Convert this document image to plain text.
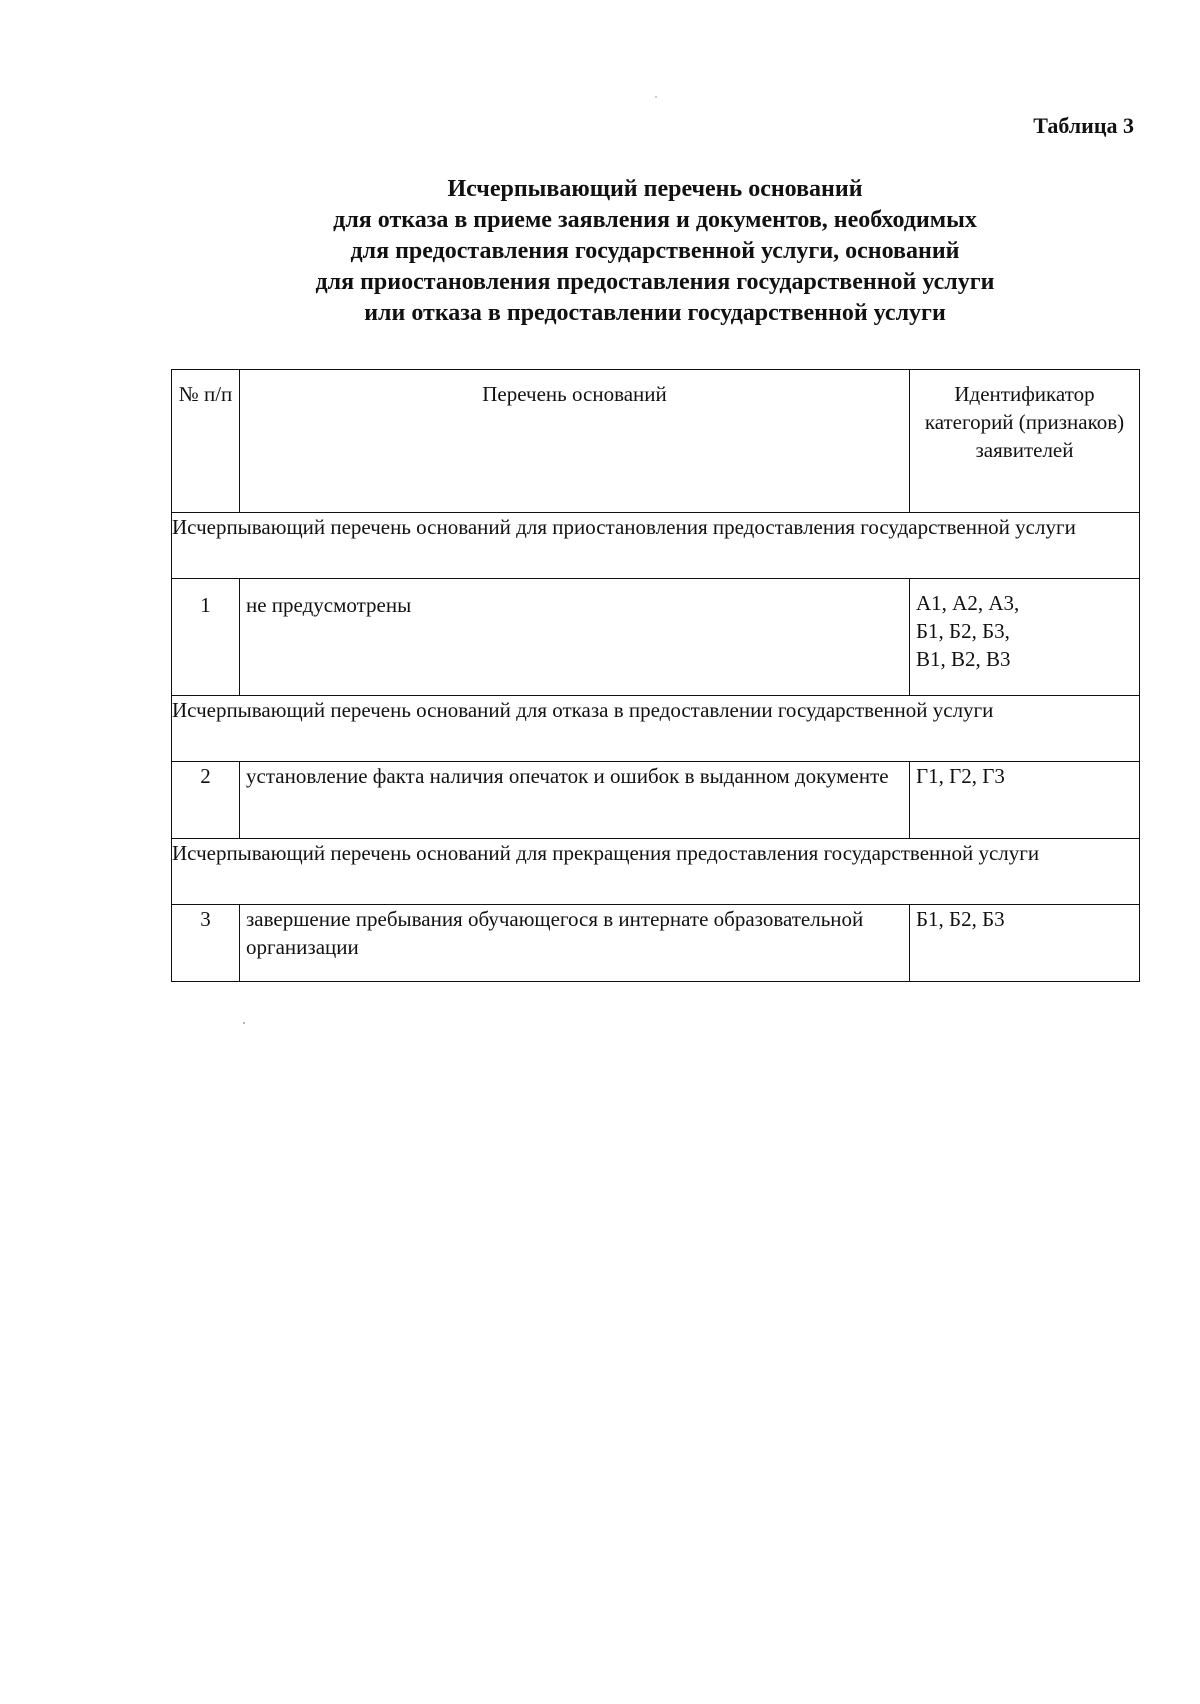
Таблица 3
Исчерпывающий перечень оснований
для отказа в приеме заявления и документов, необходимых
для предоставления государственной услуги, оснований
для приостановления предоставления государственной услуги
или отказа в предоставлении государственной услуги
№ п/п	Перечень оснований	Идентификатор категорий (признаков) заявителей
Исчерпывающий перечень оснований для приостановления предоставления государственной услуги		
1	не предусмотрены	А1, А2, А3,
Б1, Б2, Б3,
В1, В2, В3

Исчерпывающий перечень оснований для отказа в предоставлении государственной услуги		
2	установление факта наличия опечаток и ошибок в выданном документе	Г1, Г2, Г3
Исчерпывающий перечень оснований для прекращения предоставления государственной услуги		
3	завершение пребывания обучающегося в интернате образовательной организации	Б1, Б2, Б3
